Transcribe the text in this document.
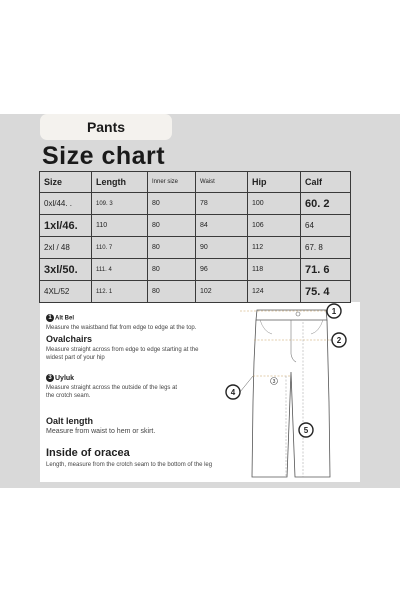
Pants
Size chart
Size	Length	Inner size	Waist	Hip	Calf
0xl/44. .	109. 3	80	78	100	60. 2
1xl/46.	110	80	84	106	64
2xl / 48	110. 7	80	90	112	67. 8
3xl/50.	111. 4	80	96	118	71. 6
4XL/52	112. 1	80	102	124	75. 4
1 Alt Bel
Measure the waistband flat from edge to edge at the top.
Ovalchairs
Measure straight across from edge to edge starting at the
widest part of your hip
3 Uyluk
Measure straight across the outside of the legs at
the crotch seam.
Oalt length
Measure from waist to hem or skirt.
Inside of oracea
Length, measure from the crotch seam to the bottom of the leg
1
2
4
5
3
